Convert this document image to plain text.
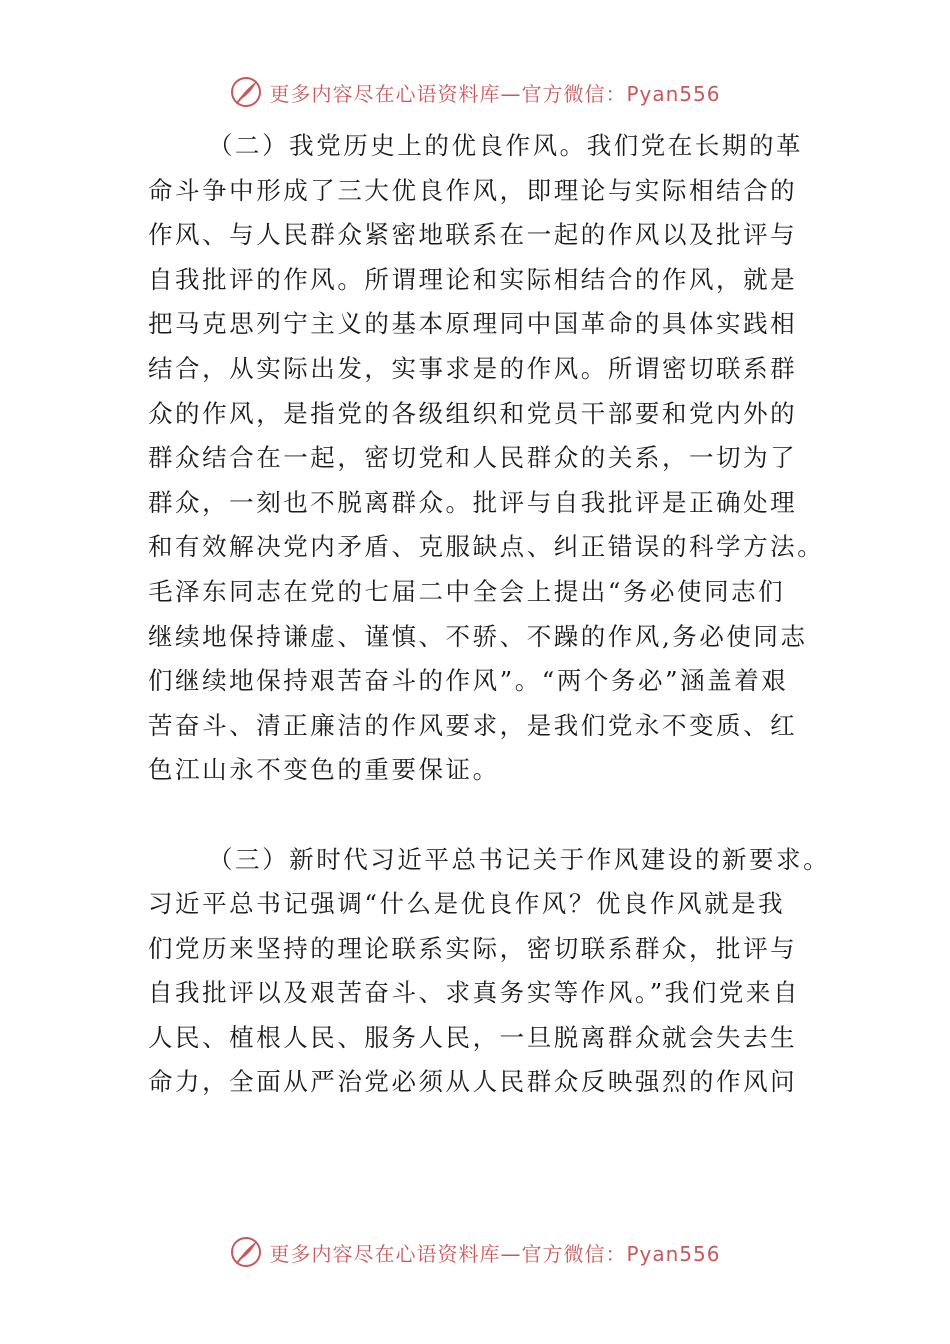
更多内容尽在心语资料库—官方微信：Pyan556
（二）我党历史上的优良作风。我们党在长期的革
命斗争中形成了三大优良作风，即理论与实际相结合的
作风、与人民群众紧密地联系在一起的作风以及批评与
自我批评的作风。所谓理论和实际相结合的作风，就是
把马克思列宁主义的基本原理同中国革命的具体实践相
结合，从实际出发，实事求是的作风。所谓密切联系群
众的作风，是指党的各级组织和党员干部要和党内外的
群众结合在一起，密切党和人民群众的关系，一切为了
群众，一刻也不脱离群众。批评与自我批评是正确处理
和有效解决党内矛盾、克服缺点、纠正错误的科学方法。
毛泽东同志在党的七届二中全会上提出“务必使同志们
继续地保持谦虚、谨慎、不骄、不躁的作风,务必使同志
们继续地保持艰苦奋斗的作风”。“两个务必”涵盖着艰
苦奋斗、清正廉洁的作风要求，是我们党永不变质、红
色江山永不变色的重要保证。
（三）新时代习近平总书记关于作风建设的新要求。
习近平总书记强调“什么是优良作风？优良作风就是我
们党历来坚持的理论联系实际，密切联系群众，批评与
自我批评以及艰苦奋斗、求真务实等作风。”我们党来自
人民、植根人民、服务人民，一旦脱离群众就会失去生
命力，全面从严治党必须从人民群众反映强烈的作风问
更多内容尽在心语资料库—官方微信：Pyan556
